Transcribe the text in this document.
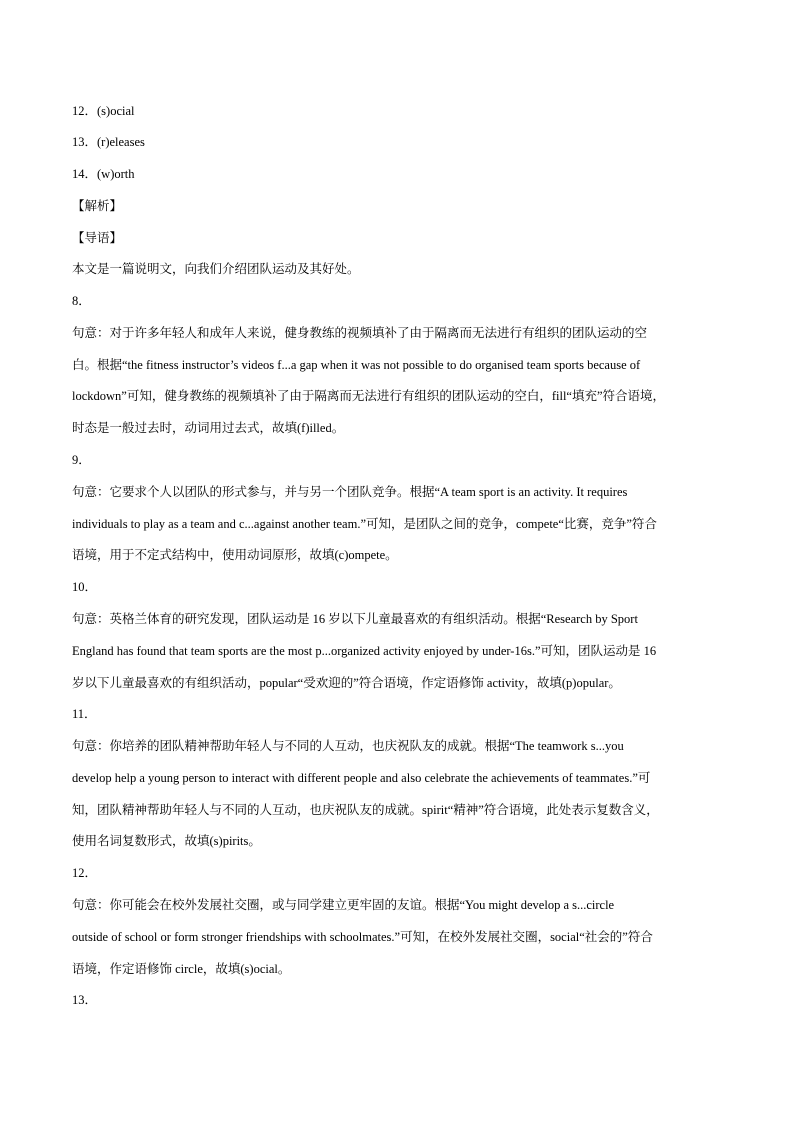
12．(s)ocial
13．(r)eleases
14．(w)orth
【解析】
【导语】
本文是一篇说明文，向我们介绍团队运动及其好处。
8．
句意：对于许多年轻人和成年人来说，健身教练的视频填补了由于隔离而无法进行有组织的团队运动的空
白。根据“the fitness instructor’s videos f...a gap when it was not possible to do organised team sports because of
lockdown”可知，健身教练的视频填补了由于隔离而无法进行有组织的团队运动的空白，fill“填充”符合语境，
时态是一般过去时，动词用过去式，故填(f)illed。
9．
句意：它要求个人以团队的形式参与，并与另一个团队竞争。根据“A team sport is an activity. It requires
individuals to play as a team and c...against another team.”可知，是团队之间的竞争，compete“比赛，竞争”符合
语境，用于不定式结构中，使用动词原形，故填(c)ompete。
10．
句意：英格兰体育的研究发现，团队运动是 16 岁以下儿童最喜欢的有组织活动。根据“Research by Sport
England has found that team sports are the most p...organized activity enjoyed by under-16s.”可知，团队运动是 16
岁以下儿童最喜欢的有组织活动，popular“受欢迎的”符合语境，作定语修饰 activity，故填(p)opular。
11．
句意：你培养的团队精神帮助年轻人与不同的人互动，也庆祝队友的成就。根据“The teamwork s...you
develop help a young person to interact with different people and also celebrate the achievements of teammates.”可
知，团队精神帮助年轻人与不同的人互动，也庆祝队友的成就。spirit“精神”符合语境，此处表示复数含义，
使用名词复数形式，故填(s)pirits。
12．
句意：你可能会在校外发展社交圈，或与同学建立更牢固的友谊。根据“You might develop a s...circle
outside of school or form stronger friendships with schoolmates.”可知，在校外发展社交圈，social“社会的”符合
语境，作定语修饰 circle，故填(s)ocial。
13．
